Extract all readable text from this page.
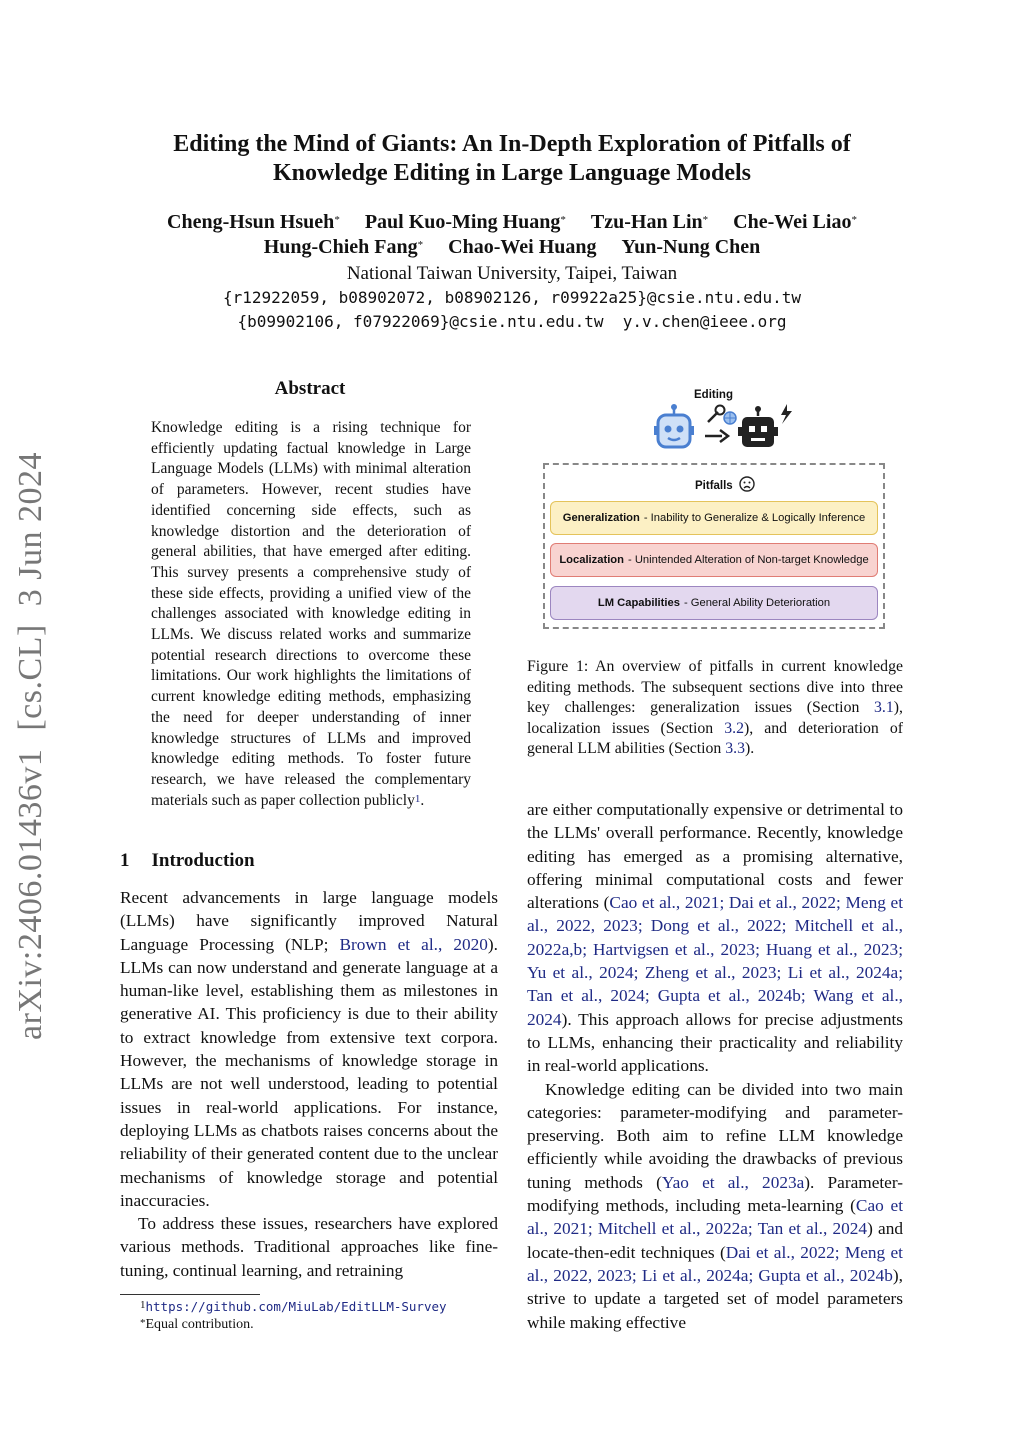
Editing the Mind of Giants: An In-Depth Exploration of Pitfalls of
Knowledge Editing in Large Language Models
Cheng-Hsun Hsueh* Paul Kuo-Ming Huang* Tzu-Han Lin* Che-Wei Liao*
Hung-Chieh Fang* Chao-Wei Huang Yun-Nung Chen
National Taiwan University, Taipei, Taiwan
{r12922059, b08902072, b08902126, r09922a25}@csie.ntu.edu.tw
{b09902106, f07922069}@csie.ntu.edu.tw  y.v.chen@ieee.org
arXiv:2406.01436v1  [cs.CL]  3 Jun 2024
Abstract
Knowledge editing is a rising technique for efficiently updating factual knowledge in Large Language Models (LLMs) with minimal alteration of parameters. However, recent studies have identified concerning side effects, such as knowledge distortion and the deterioration of general abilities, that have emerged after editing. This survey presents a comprehensive study of these side effects, providing a unified view of the challenges associated with knowledge editing in LLMs. We discuss related works and summarize potential research directions to overcome these limitations. Our work highlights the limitations of current knowledge editing methods, emphasizing the need for deeper understanding of inner knowledge structures of LLMs and improved knowledge editing methods. To foster future research, we have released the complementary materials such as paper collection publicly$^1$.
1 Introduction

Recent advancements in large language models (LLMs) have significantly improved Natural Language Processing (NLP; Brown et al., 2020). LLMs can now understand and generate language at a human-like level, establishing them as milestones in generative AI. This proficiency is due to their ability to extract knowledge from extensive text corpora. However, the mechanisms of knowledge storage in LLMs are not well understood, leading to potential issues in real-world applications. For instance, deploying LLMs as chatbots raises concerns about the reliability of their generated content due to the unclear mechanisms of knowledge storage and potential inaccuracies.

To address these issues, researchers have explored various methods. Traditional approaches like fine-tuning, continual learning, and retraining

$^1$https://github.com/MiuLab/EditLLM-Survey
*Equal contribution.
Editing
Pitfalls
Generalization - Inability to Generalize & Logically Inference
Localization - Unintended Alteration of Non-target Knowledge
LM Capabilities - General Ability Deterioration
Figure 1: An overview of pitfalls in current knowledge editing methods. The subsequent sections dive into three key challenges: generalization issues (Section 3.1), localization issues (Section 3.2), and deterioration of general LLM abilities (Section 3.3).

are either computationally expensive or detrimental to the LLMs' overall performance. Recently, knowledge editing has emerged as a promising alternative, offering minimal computational costs and fewer alterations (Cao et al., 2021; Dai et al., 2022; Meng et al., 2022, 2023; Dong et al., 2022; Mitchell et al., 2022a,b; Hartvigsen et al., 2023; Huang et al., 2023; Yu et al., 2024; Zheng et al., 2023; Li et al., 2024a; Tan et al., 2024; Gupta et al., 2024b; Wang et al., 2024). This approach allows for precise adjustments to LLMs, enhancing their practicality and reliability in real-world applications.

Knowledge editing can be divided into two main categories: parameter-modifying and parameter-preserving. Both aim to refine LLM knowledge efficiently while avoiding the drawbacks of previous tuning methods (Yao et al., 2023a). Parameter-modifying methods, including meta-learning (Cao et al., 2021; Mitchell et al., 2022a; Tan et al., 2024) and locate-then-edit techniques (Dai et al., 2022; Meng et al., 2022, 2023; Li et al., 2024a; Gupta et al., 2024b), strive to update a targeted set of model parameters while making effective
